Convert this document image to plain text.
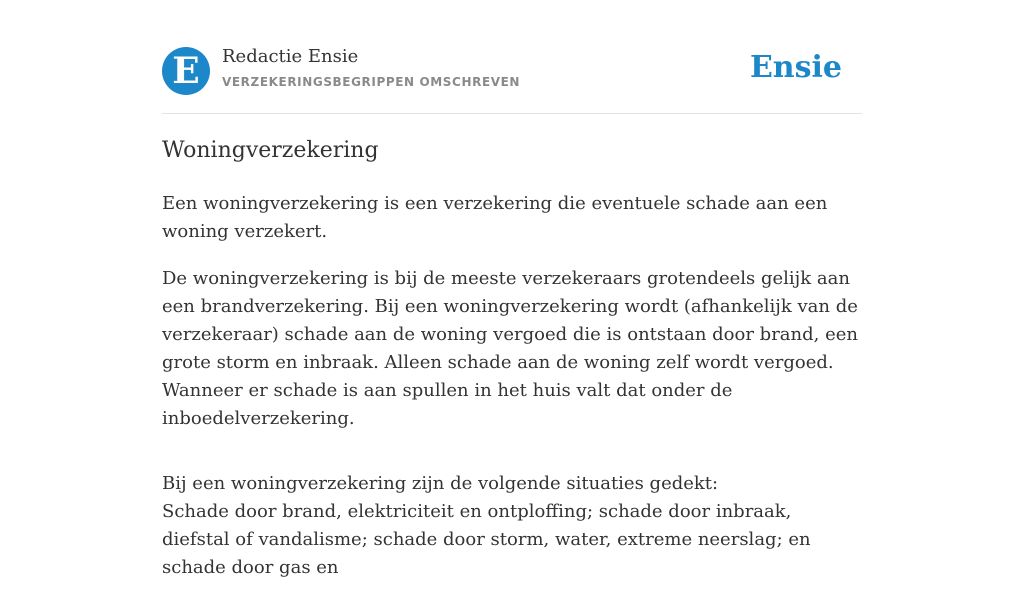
E	Redactie Ensie
VERZEKERINGSBEGRIPPEN OMSCHREVEN	Ensie
Woningverzekering

Een woningverzekering is een verzekering die eventuele schade aan een woning verzekert.

De woningverzekering is bij de meeste verzekeraars grotendeels gelijk aan een brandverzekering. Bij een woningverzekering wordt (afhankelijk van de verzekeraar) schade aan de woning vergoed die is ontstaan door brand, een grote storm en inbraak. Alleen schade aan de woning zelf wordt vergoed. Wanneer er schade is aan spullen in het huis valt dat onder de inboedelverzekering.

Bij een woningverzekering zijn de volgende situaties gedekt:
Schade door brand, elektriciteit en ontploffing; schade door inbraak, diefstal of vandalisme; schade door storm, water, extreme neerslag; en schade door gas en
